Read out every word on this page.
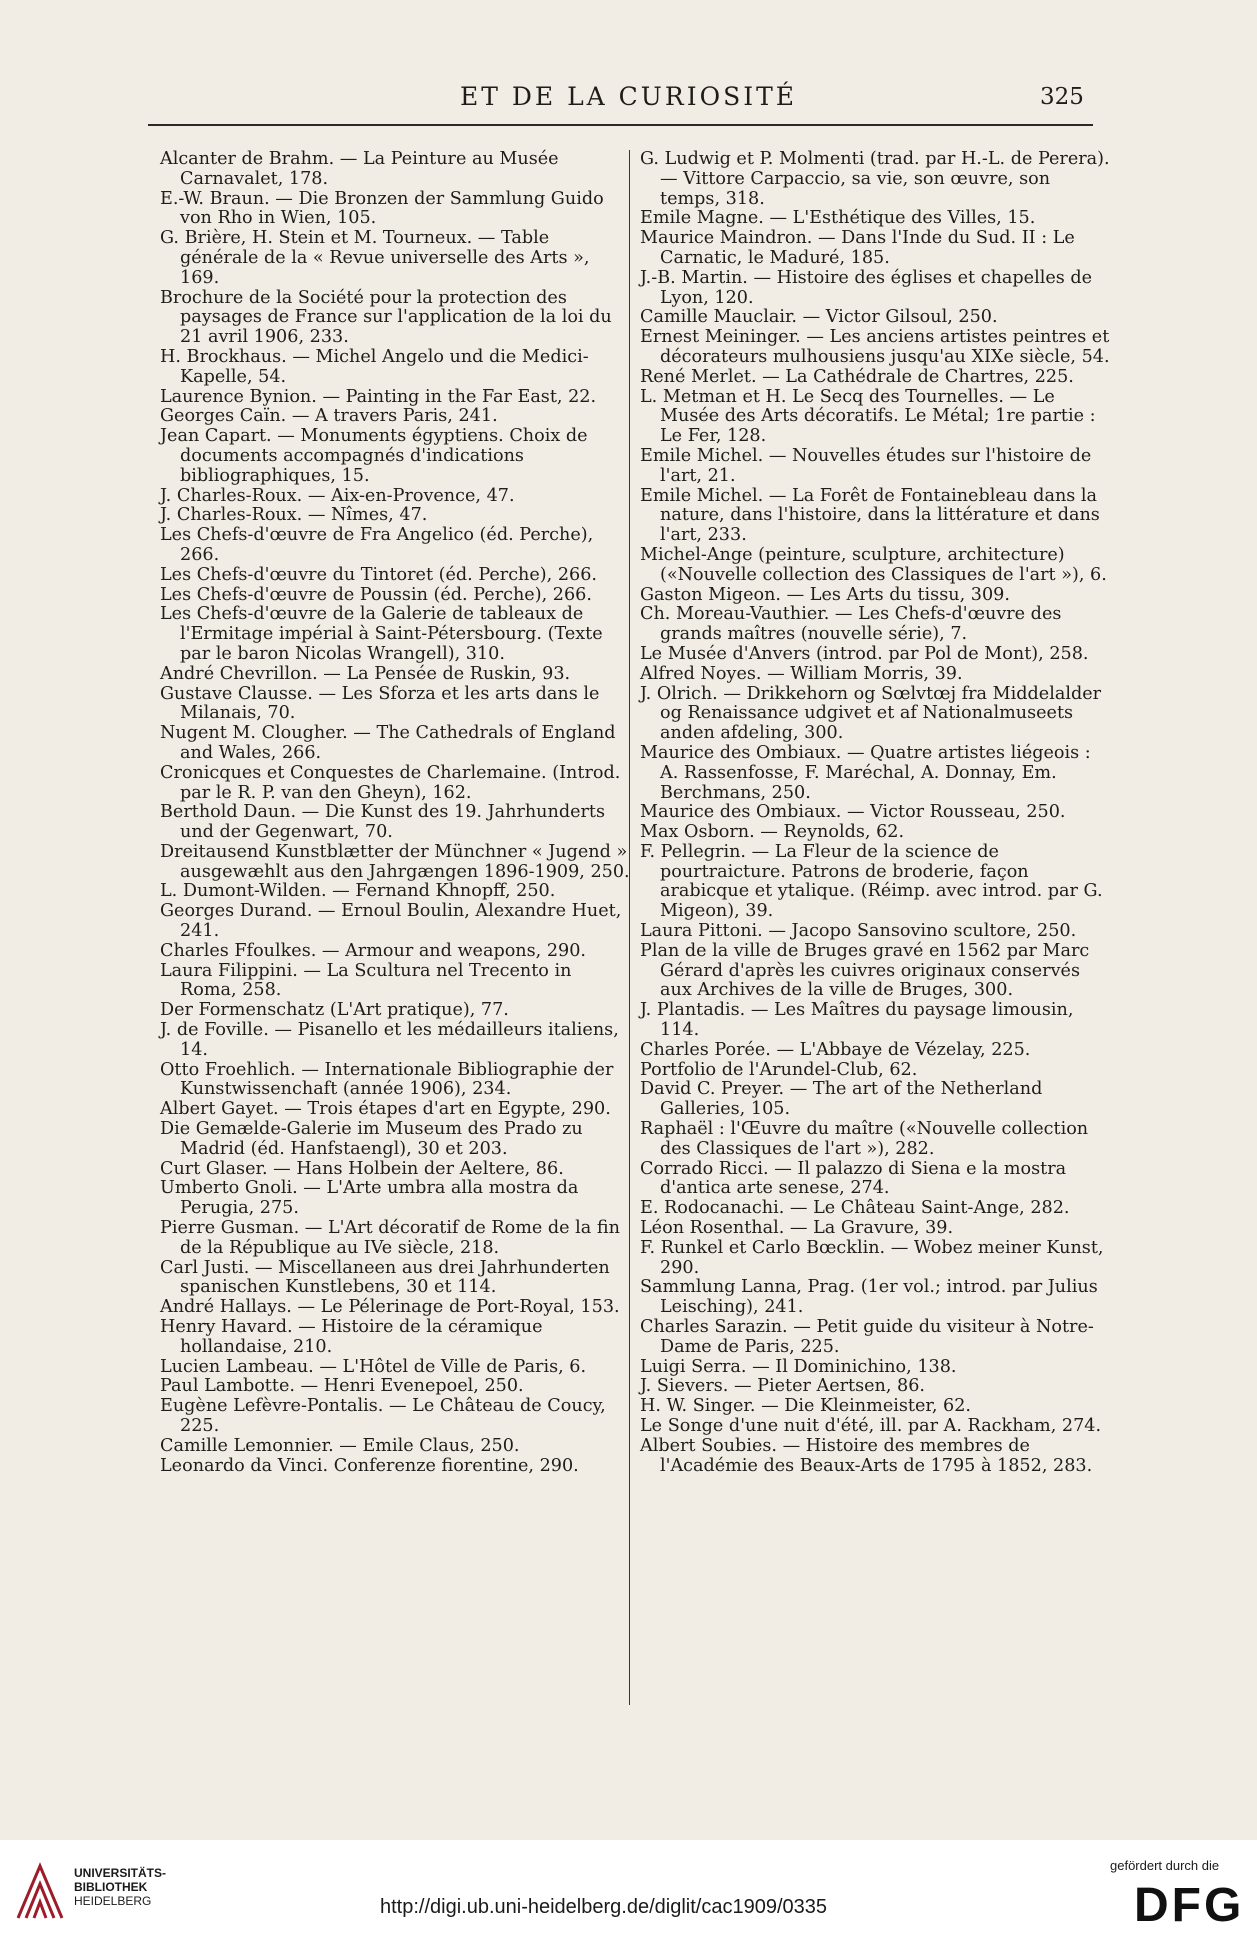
ET DE LA CURIOSITÉ	325

Alcanter de Brahm. — La Peinture au Musée Carnavalet, 178.

E.-W. Braun. — Die Bronzen der Sammlung Guido von Rho in Wien, 105.

G. Brière, H. Stein et M. Tourneux. — Table générale de la « Revue universelle des Arts », 169.

Brochure de la Société pour la protection des paysages de France sur l'application de la loi du 21 avril 1906, 233.

H. Brockhaus. — Michel Angelo und die Medici-Kapelle, 54.

Laurence Bynion. — Painting in the Far East, 22.

Georges Caïn. — A travers Paris, 241.

Jean Capart. — Monuments égyptiens. Choix de documents accompagnés d'indications bibliographiques, 15.

J. Charles-Roux. — Aix-en-Provence, 47.

J. Charles-Roux. — Nîmes, 47.

Les Chefs-d'œuvre de Fra Angelico (éd. Perche), 266.

Les Chefs-d'œuvre du Tintoret (éd. Perche), 266.

Les Chefs-d'œuvre de Poussin (éd. Perche), 266.

Les Chefs-d'œuvre de la Galerie de tableaux de l'Ermitage impérial à Saint-Pétersbourg. (Texte par le baron Nicolas Wrangell), 310.

André Chevrillon. — La Pensée de Ruskin, 93.

Gustave Clausse. — Les Sforza et les arts dans le Milanais, 70.

Nugent M. Clougher. — The Cathedrals of England and Wales, 266.

Cronicques et Conquestes de Charlemaine. (Introd. par le R. P. van den Gheyn), 162.

Berthold Daun. — Die Kunst des 19. Jahrhunderts und der Gegenwart, 70.

Dreitausend Kunstblætter der Münchner « Jugend » ausgewæhlt aus den Jahrgængen 1896-1909, 250.

L. Dumont-Wilden. — Fernand Khnopff, 250.

Georges Durand. — Ernoul Boulin, Alexandre Huet, 241.

Charles Ffoulkes. — Armour and weapons, 290.

Laura Filippini. — La Scultura nel Trecento in Roma, 258.

Der Formenschatz (L'Art pratique), 77.

J. de Foville. — Pisanello et les médailleurs italiens, 14.

Otto Froehlich. — Internationale Bibliographie der Kunstwissenchaft (année 1906), 234.

Albert Gayet. — Trois étapes d'art en Egypte, 290.

Die Gemælde-Galerie im Museum des Prado zu Madrid (éd. Hanfstaengl), 30 et 203.

Curt Glaser. — Hans Holbein der Aeltere, 86.

Umberto Gnoli. — L'Arte umbra alla mostra da Perugia, 275.

Pierre Gusman. — L'Art décoratif de Rome de la fin de la République au IVe siècle, 218.

Carl Justi. — Miscellaneen aus drei Jahrhunderten spanischen Kunstlebens, 30 et 114.

André Hallays. — Le Pélerinage de Port-Royal, 153.

Henry Havard. — Histoire de la céramique hollandaise, 210.

Lucien Lambeau. — L'Hôtel de Ville de Paris, 6.

Paul Lambotte. — Henri Evenepoel, 250.

Eugène Lefèvre-Pontalis. — Le Château de Coucy, 225.

Camille Lemonnier. — Emile Claus, 250.

Leonardo da Vinci. Conferenze fiorentine, 290.

G. Ludwig et P. Molmenti (trad. par H.-L. de Perera). — Vittore Carpaccio, sa vie, son œuvre, son temps, 318.

Emile Magne. — L'Esthétique des Villes, 15.

Maurice Maindron. — Dans l'Inde du Sud. II : Le Carnatic, le Maduré, 185.

J.-B. Martin. — Histoire des églises et chapelles de Lyon, 120.

Camille Mauclair. — Victor Gilsoul, 250.

Ernest Meininger. — Les anciens artistes peintres et décorateurs mulhousiens jusqu'au XIXe siècle, 54.

René Merlet. — La Cathédrale de Chartres, 225.

L. Metman et H. Le Secq des Tournelles. — Le Musée des Arts décoratifs. Le Métal; 1re partie : Le Fer, 128.

Emile Michel. — Nouvelles études sur l'histoire de l'art, 21.

Emile Michel. — La Forêt de Fontainebleau dans la nature, dans l'histoire, dans la littérature et dans l'art, 233.

Michel-Ange (peinture, sculpture, architecture) («Nouvelle collection des Classiques de l'art »), 6.

Gaston Migeon. — Les Arts du tissu, 309.

Ch. Moreau-Vauthier. — Les Chefs-d'œuvre des grands maîtres (nouvelle série), 7.

Le Musée d'Anvers (introd. par Pol de Mont), 258.

Alfred Noyes. — William Morris, 39.

J. Olrich. — Drikkehorn og Sœlvtœj fra Middelalder og Renaissance udgivet et af Nationalmuseets anden afdeling, 300.

Maurice des Ombiaux. — Quatre artistes liégeois : A. Rassenfosse, F. Maréchal, A. Donnay, Em. Berchmans, 250.

Maurice des Ombiaux. — Victor Rousseau, 250.

Max Osborn. — Reynolds, 62.

F. Pellegrin. — La Fleur de la science de pourtraicture. Patrons de broderie, façon arabicque et ytalique. (Réimp. avec introd. par G. Migeon), 39.

Laura Pittoni. — Jacopo Sansovino scultore, 250.

Plan de la ville de Bruges gravé en 1562 par Marc Gérard d'après les cuivres originaux conservés aux Archives de la ville de Bruges, 300.

J. Plantadis. — Les Maîtres du paysage limousin, 114.

Charles Porée. — L'Abbaye de Vézelay, 225.

Portfolio de l'Arundel-Club, 62.

David C. Preyer. — The art of the Netherland Galleries, 105.

Raphaël : l'Œuvre du maître («Nouvelle collection des Classiques de l'art »), 282.

Corrado Ricci. — Il palazzo di Siena e la mostra d'antica arte senese, 274.

E. Rodocanachi. — Le Château Saint-Ange, 282.

Léon Rosenthal. — La Gravure, 39.

F. Runkel et Carlo Bœcklin. — Wobez meiner Kunst, 290.

Sammlung Lanna, Prag. (1er vol.; introd. par Julius Leisching), 241.

Charles Sarazin. — Petit guide du visiteur à Notre-Dame de Paris, 225.

Luigi Serra. — Il Dominichino, 138.

J. Sievers. — Pieter Aertsen, 86.

H. W. Singer. — Die Kleinmeister, 62.

Le Songe d'une nuit d'été, ill. par A. Rackham, 274.

Albert Soubies. — Histoire des membres de l'Académie des Beaux-Arts de 1795 à 1852, 283.

UNIVERSITÄTS-
BIBLIOTHEK
HEIDELBERG	http://digi.ub.uni-heidelberg.de/diglit/cac1909/0335
gefördert durch die
DFG
